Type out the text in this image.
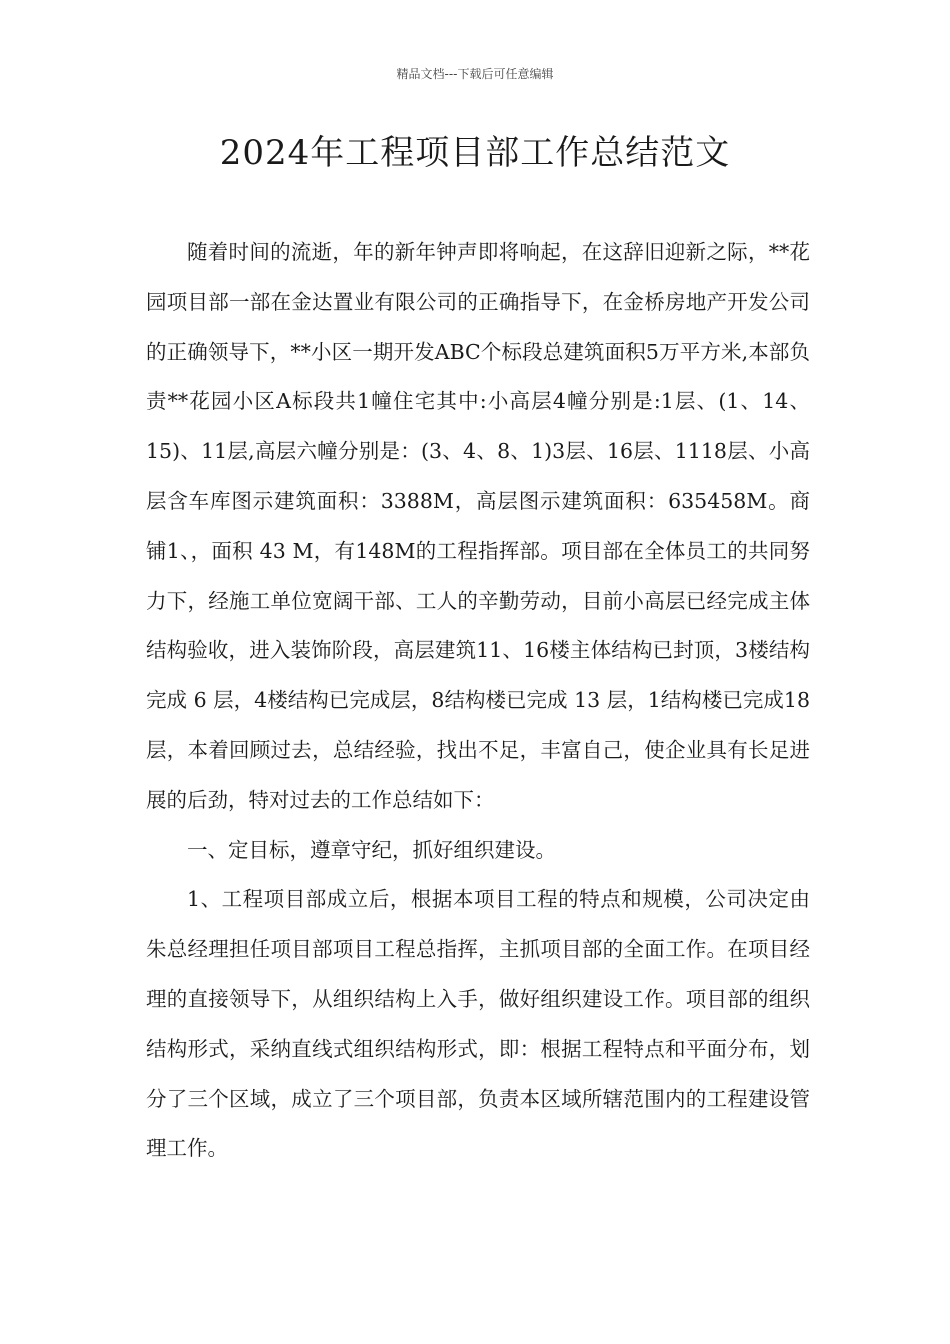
精品文档---下载后可任意编辑
2024年工程项目部工作总结范文

随着时间的流逝，年的新年钟声即将响起，在这辞旧迎新之际，**花园项目部一部在金达置业有限公司的正确指导下，在金桥房地产开发公司的正确领导下，**小区一期开发ABC个标段总建筑面积5万平方米,本部负责**花园小区A标段共1幢住宅其中:小高层4幢分别是:1层、(1、14、15)、11层,高层六幢分别是：(3、4、8、1)3层、16层、1118层、小高层含车库图示建筑面积：3388M，高层图示建筑面积：635458M。商铺1、，面积 43 M，有148M的工程指挥部。项目部在全体员工的共同努力下，经施工单位宽阔干部、工人的辛勤劳动，目前小高层已经完成主体结构验收，进入装饰阶段，高层建筑11、16楼主体结构已封顶，3楼结构完成 6 层，4楼结构已完成层，8结构楼已完成 13 层，1结构楼已完成18层，本着回顾过去，总结经验，找出不足，丰富自己，使企业具有长足进展的后劲，特对过去的工作总结如下：

一、定目标，遵章守纪，抓好组织建设。

1、工程项目部成立后，根据本项目工程的特点和规模，公司决定由朱总经理担任项目部项目工程总指挥，主抓项目部的全面工作。在项目经理的直接领导下，从组织结构上入手，做好组织建设工作。项目部的组织结构形式，采纳直线式组织结构形式，即：根据工程特点和平面分布，划分了三个区域，成立了三个项目部，负责本区域所辖范围内的工程建设管理工作。
